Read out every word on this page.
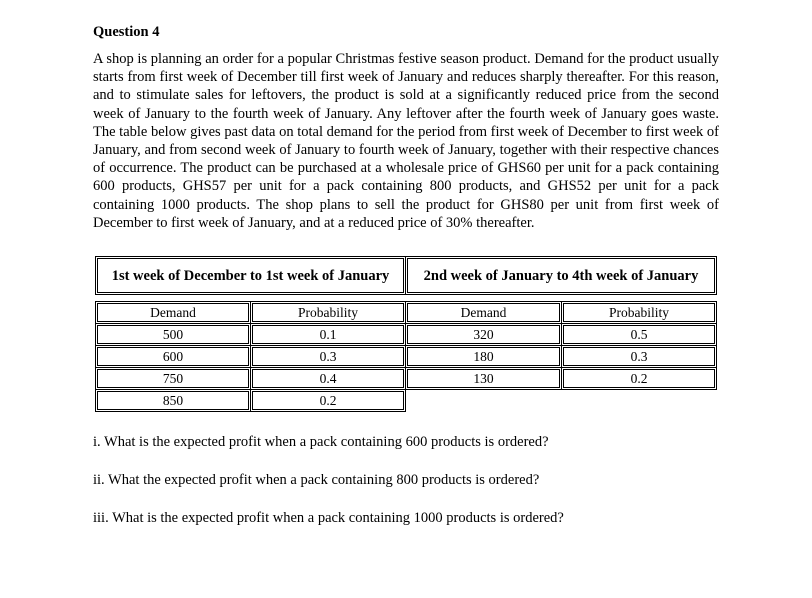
Question 4

A shop is planning an order for a popular Christmas festive season product. Demand for the product usually starts from first week of December till first week of January and reduces sharply thereafter. For this reason, and to stimulate sales for leftovers, the product is sold at a significantly reduced price from the second week of January to the fourth week of January. Any leftover after the fourth week of January goes waste. The table below gives past data on total demand for the period from first week of December to first week of January, and from second week of January to fourth week of January, together with their respective chances of occurrence. The product can be purchased at a wholesale price of GHS60 per unit for a pack containing 600 products, GHS57 per unit for a pack containing 800 products, and GHS52 per unit for a pack containing 1000 products. The shop plans to sell the product for GHS80 per unit from first week of December to first week of January, and at a reduced price of 30% thereafter.

1st week of December to 1st week of January		2nd week of January to 4th week of January	

Demand	Probability	Demand	Probability
500	0.1	320	0.5
600	0.3	180	0.3
750	0.4	130	0.2
850	0.2		

i. What is the expected profit when a pack containing 600 products is ordered?

ii. What the expected profit when a pack containing 800 products is ordered?

iii. What is the expected profit when a pack containing 1000 products is ordered?
